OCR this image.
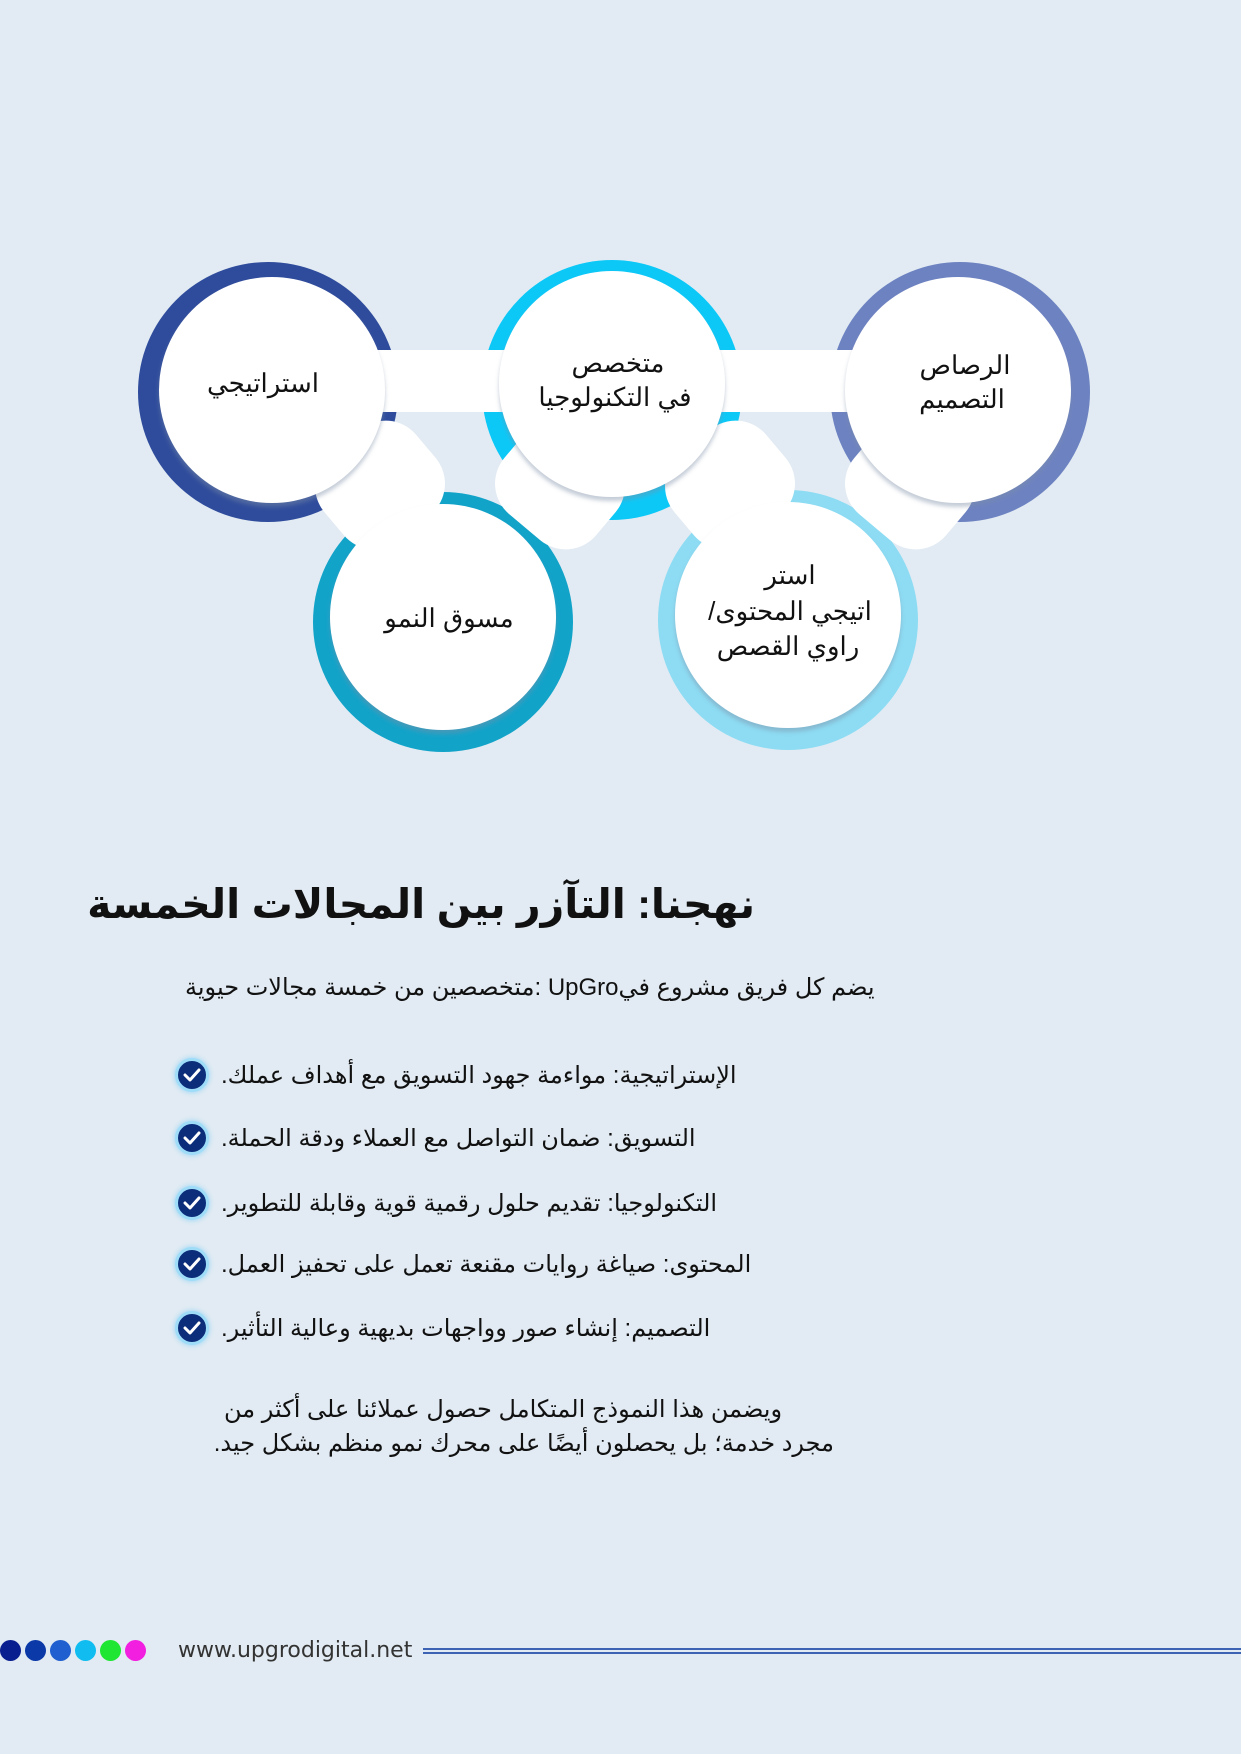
استراتيجي
متخصص
في التكنولوجيا
الرصاص
التصميم
مسوق النمو
استر
اتيجي المحتوى/
راوي القصص
نهجنا: التآزر بين المجالات الخمسة
متخصصين من خمسة مجالات حيوية: UpGroيضم كل فريق مشروع في
الإستراتيجية: مواءمة جهود التسويق مع أهداف عملك.
التسويق: ضمان التواصل مع العملاء ودقة الحملة.
التكنولوجيا: تقديم حلول رقمية قوية وقابلة للتطوير.
المحتوى: صياغة روايات مقنعة تعمل على تحفيز العمل.
التصميم: إنشاء صور وواجهات بديهية وعالية التأثير.
ويضمن هذا النموذج المتكامل حصول عملائنا على أكثر من
مجرد خدمة؛ بل يحصلون أيضًا على محرك نمو منظم بشكل جيد.
www.upgrodigital.net
